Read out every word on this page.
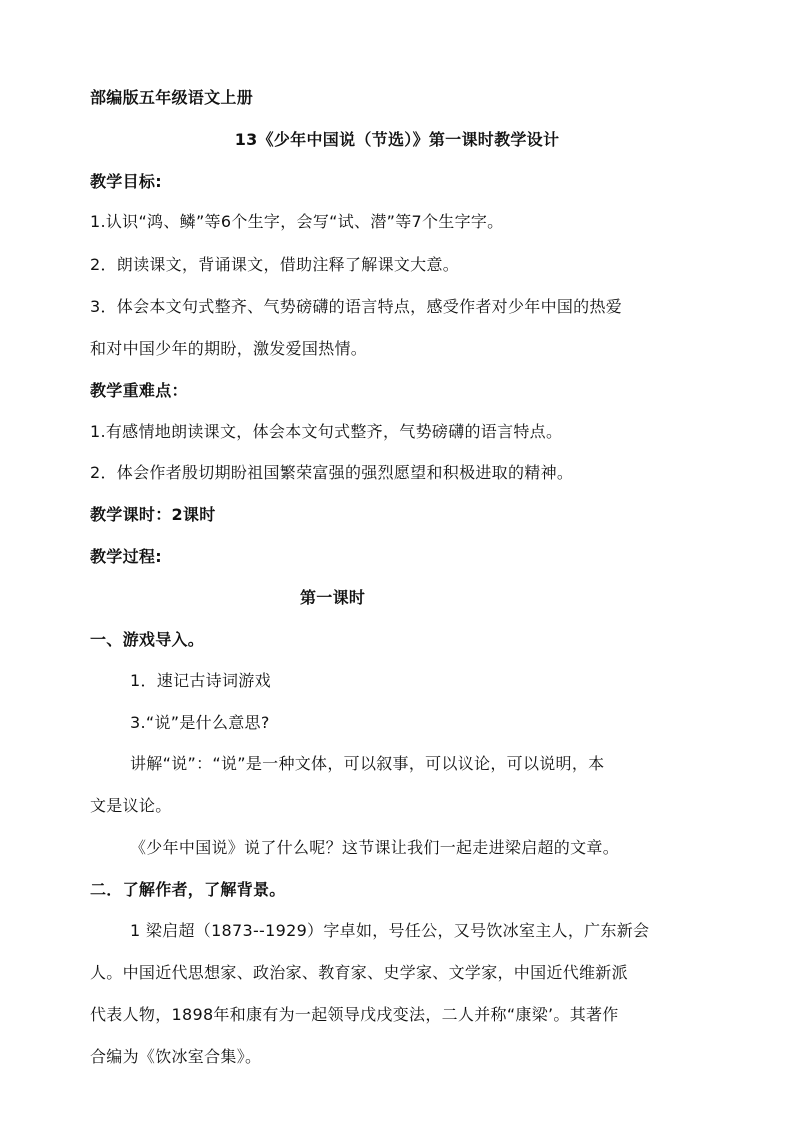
部编版五年级语文上册
13《少年中国说（节选）》第一课时教学设计
教学目标:
1.认识“鸿、鳞”等6个生字，会写“试、潜”等7个生字字。
2．朗读课文，背诵课文，借助注释了解课文大意。
3．体会本文句式整齐、气势磅礴的语言特点，感受作者对少年中国的热爱
和对中国少年的期盼，激发爱国热情。
教学重难点：
1.有感情地朗读课文，体会本文句式整齐，气势磅礴的语言特点。
2．体会作者殷切期盼祖国繁荣富强的强烈愿望和积极进取的精神。
教学课时：2课时
教学过程:
第一课时
一、游戏导入。
1．速记古诗词游戏
3.“说”是什么意思?
讲解“说”：“说”是一种文体，可以叙事，可以议论，可以说明，本
文是议论。
《少年中国说》说了什么呢？这节课让我们一起走进梁启超的文章。
二．了解作者，了解背景。
1 梁启超（1873--1929）字卓如，号任公，又号饮冰室主人，广东新会
人。中国近代思想家、政治家、教育家、史学家、文学家，中国近代维新派
代表人物，1898年和康有为一起领导戊戌变法，二人并称“康梁’。其著作
合编为《饮冰室合集》。
